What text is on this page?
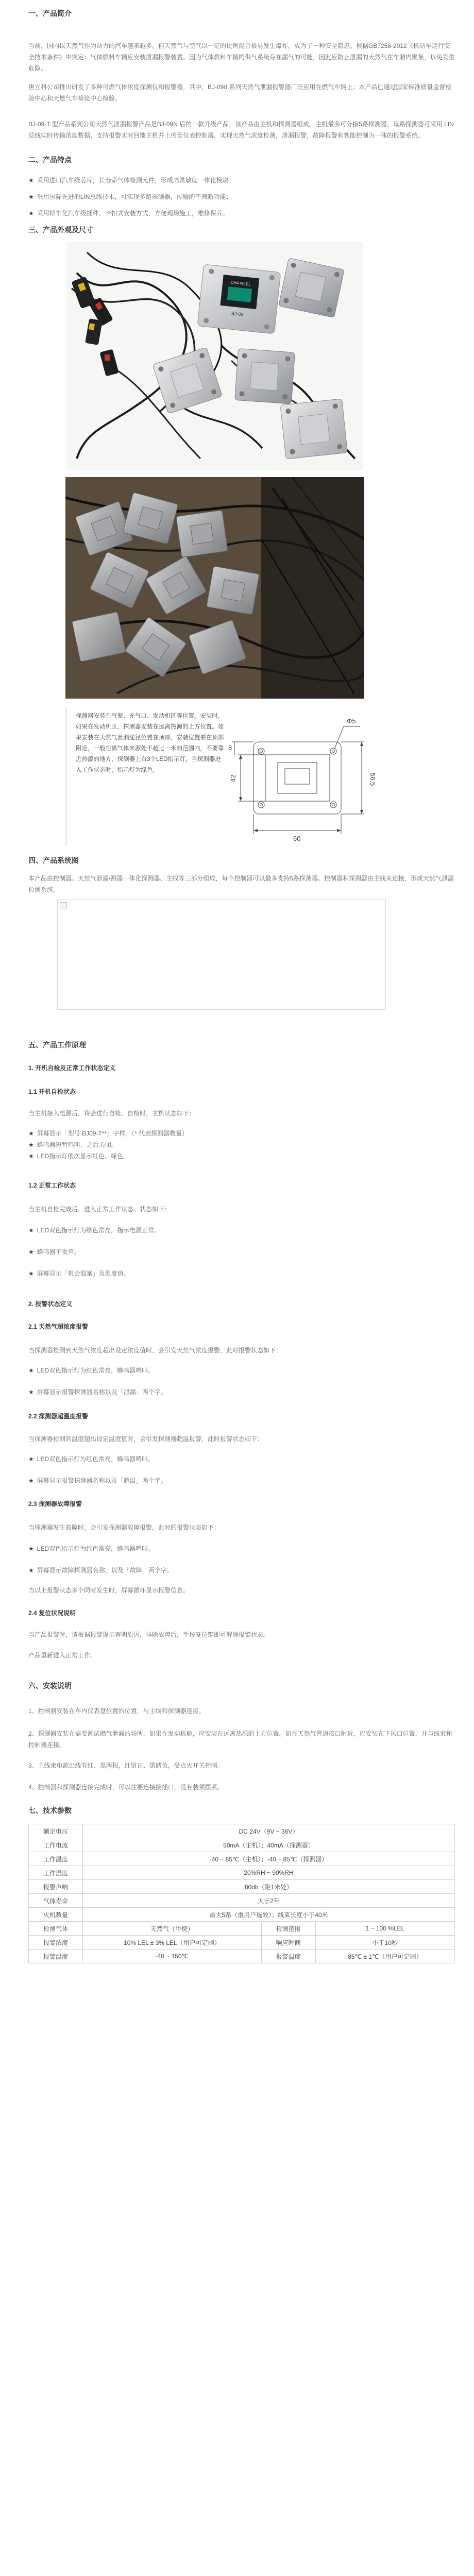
一、产品简介

当前，国内以天然气作为动力的汽车越来越多。但天然气与空气以一定的比例混合极易发生爆炸，成为了一种安全隐患。根据GB7258-2012《机动车运行安全技术条件》中规定：气体燃料车辆应安装泄漏报警装置。因为气体燃料车辆的供气系统存在漏气的可能，因此应防止泄漏的天然气在车厢内聚集，以免发生危险。

唐立科公司推出研发了多种可燃气体浓度探测仪和报警器，其中，BJ-09II 系列天然气泄漏报警器广泛应用在燃气车辆上；本产品已通过国家标准质量监督检验中心和天燃气车检验中心检验。

BJ-09-T 型产品系列公司天然气泄漏报警产品是BJ-09N 后的一款升级产品，该产品由主机和探测器组成。主机最多可分接5路探测器，每路探测器可采用 LIN 总线实时传输浓度数据，支持报警实时回馈主机并上传至仪表控制器，实现天然气浓度检测，泄漏报警，故障报警和智能控制为一体的报警系统。

二、产品特点
★ 采用进口汽车级芯片，长寿命气体检测元件，形成高灵敏度一体化模块；
★ 采用国际先进的LIN总线技术，可实现多路探测器，传输的不间断功能；
★ 采用轿车化汽车级插件，卡扣式安装方式，方便现场施工，维修保养。
三、产品外观及尺寸
CH4 %LEL
BJ-09

探测器安装在气瓶、充气口、发动机区等位置。安装时，如果在发动机区，探测器安装在远离热源的上方位置。如果安装在天然气泄漏途径位置在顶部，安装位置要在顶部附近，一般在离气体来源处不超过一米的范围内，不要靠近热源的地方，探测器上有3个LED指示灯，当探测器进入工作状态时，指示灯为绿色。

Φ5
42
8
56.5
60
四、产品系统图

本产品由控制器、天然气泄漏/测器一体化探测器、主线等三部分组成，每个控制器可以最多支持5路探测器。控制器和探测器由主线来连接，形成天然气泄漏检测系统。

五、产品工作原理
1. 开机自检及正常工作状态定义
1.1 开机自检状态

当主机接入电源后，将会进行自检。自检时，主机状态如下：

★ 屏幕显示「型号 BJ09-T**」字样。（* 代表探测器数量）
★ 蜂鸣器短暂鸣叫，之后关闭。
★ LED指示灯依次显示红色、绿色。
1.2 正常工作状态

当主机自检完成后，进入正常工作状态。状态如下：

★ LED双色指示灯为绿色常亮，指示电源正常。
★ 蜂鸣器不发声。
★ 屏幕显示「机会温案」及温度值。
2. 报警状态定义
2.1 天然气超浓度报警

当探测器检测到天然气浓度超出设定浓度值时，会引发天然气浓度报警，此时报警状态如下：

★ LED双色指示灯为红色常亮，蜂鸣器鸣叫。
★ 屏幕显示报警探测器名称以及「泄漏」两个字。
2.2 探测器超温度报警

当探测器检测到温度超出设定温度值时，会引发探测器超温报警，此时报警状态如下：

★ LED双色指示灯为红色常亮，蜂鸣器鸣叫。
★ 屏幕显示报警探测器名称以及「超温」两个字。
2.3 探测器故障报警

当探测器发生故障时，会引发探测器故障报警，此时的报警状态如下：

★ LED双色指示灯为红色常亮，蜂鸣器鸣叫。
★ 屏幕显示故障探测器名称，以及「故障」两个字。

当以上报警状态多个同时发生时，屏幕循环显示报警信息。

2.4 复位状况说明

当产品报警时，请根据报警提示查明原因，排除故障后，手按复位键即可解除报警状态。

产品重新进入正常工作。

六、安装说明

1、控制器安装在车内仪表盘位置的位置，与主线和探测器连接。

2、探测器安装在需要测试燃气泄漏的场所，如果在发动机舱，应安装在远离热源的上方位置。如在天然气管道接口附近，应安装在下风口位置，并与线束和控制器连接。

3、主线束电源出线有红、黑两根，红留正、黑储负，受点火开关控制。

4、控制器和探测器连接完成时，可以往要连接接插口，没有装须摆紧。

七、技术参数
额定电压	DC 24V（9V ~ 36V）		
工作电流	50mA（主机）；40mA（探测器）		
工作温度	-40 ~ 85℃（主机）；-40 ~ 85℃（探测器）		
工作湿度	20%RH ~ 90%RH		
报警声响	80db（距1米处）		
气体寿命	大于2年		
火机数量	最大5路（重用户选效）；线束长度小于40米		
检测气体	天然气（甲烷）	检测范围	1 ~ 100 %LEL
报警浓度	10% LEL ± 3% LEL（用户可定制）	响应时间	小于10秒
报警温度	-40 ~ 150℃	报警温度	85℃ ± 1℃（用户可定制）
